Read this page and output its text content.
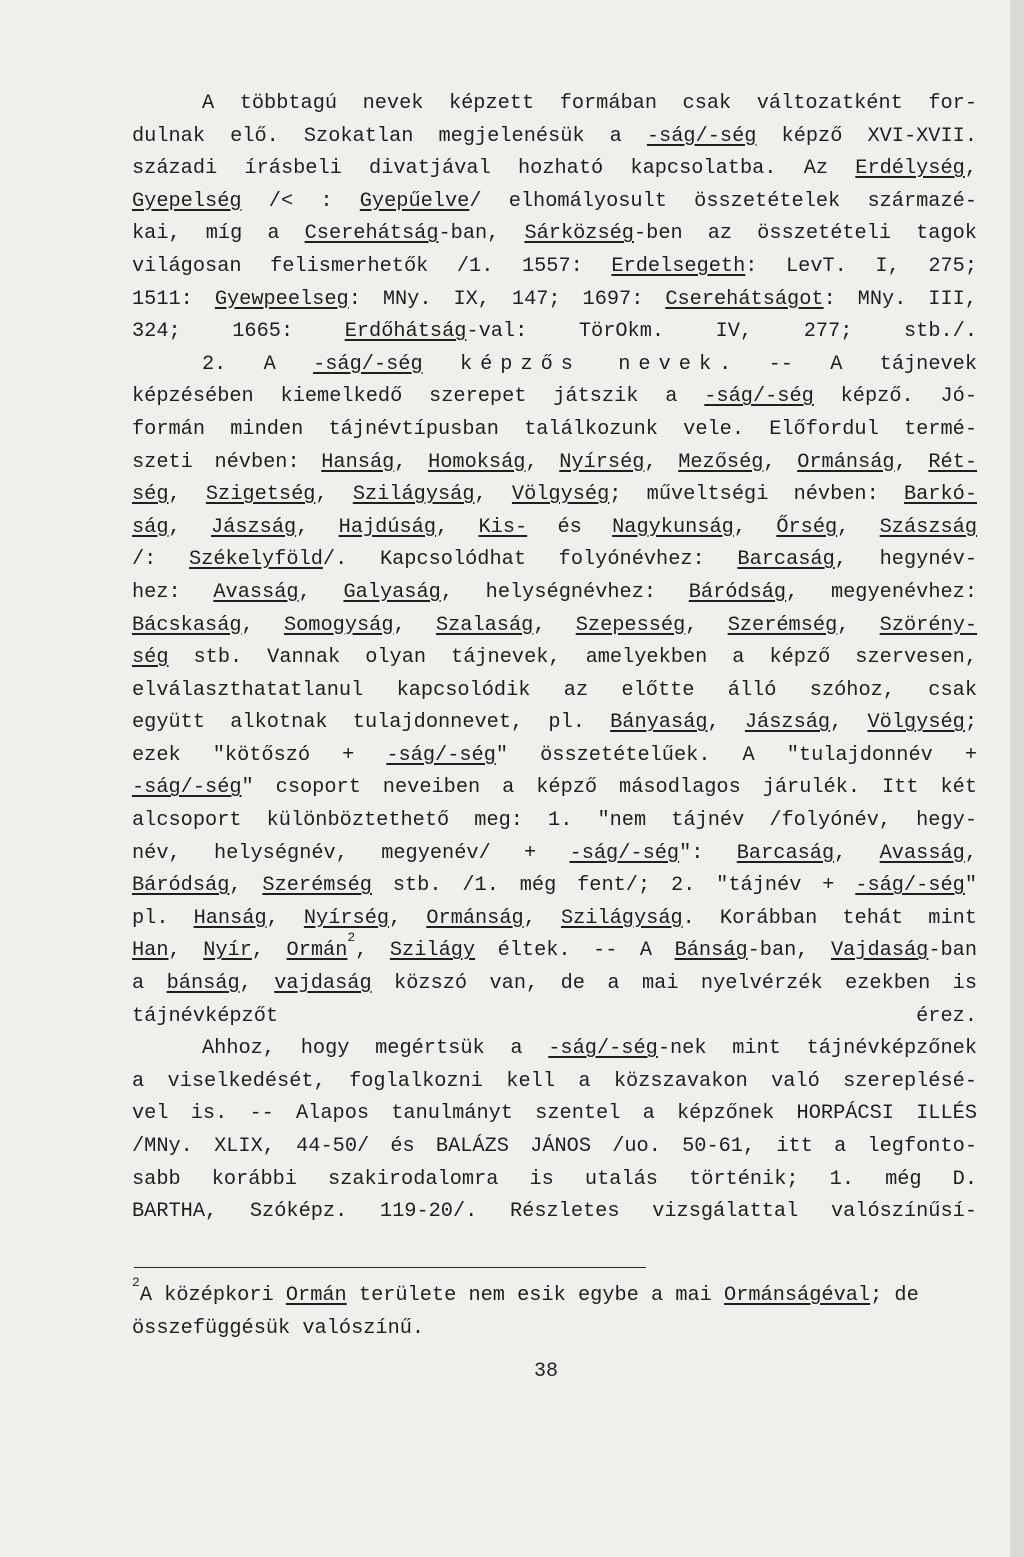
A többtagú nevek képzett formában csak változatként for-
dulnak elő. Szokatlan megjelenésük a -ság/-ség képző XVI-XVII.
századi írásbeli divatjával hozható kapcsolatba. Az Erdélység,
Gyepelség /< : Gyepűelve/ elhomályosult összetételek származé-
kai, míg a Cserehátság-ban, Sárközség-ben az összetételi tagok
világosan felismerhetők /1. 1557: Erdelsegeth: LevT. I, 275;
1511: Gyewpeelseg: MNy. IX, 147; 1697: Cserehátságot: MNy. III,
324; 1665: Erdőhátság-val: TörOkm. IV, 277; stb./.
2. A -ság/-ség képzős nevek. -- A tájnevek
képzésében kiemelkedő szerepet játszik a -ság/-ség képző. Jó-
formán minden tájnévtípusban találkozunk vele. Előfordul termé-
szeti névben: Hanság, Homokság, Nyírség, Mezőség, Ormánság, Rét-
ség, Szigetség, Szilágyság, Völgység; műveltségi névben: Barkó-
ság, Jászság, Hajdúság, Kis- és Nagykunság, Őrség, Szászság
/: Székelyföld/. Kapcsolódhat folyónévhez: Barcaság, hegynév-
hez: Avasság, Galyaság, helységnévhez: Báródság, megyenévhez:
Bácskaság, Somogyság, Szalaság, Szepesség, Szerémség, Szörény-
ség stb. Vannak olyan tájnevek, amelyekben a képző szervesen,
elválaszthatatlanul kapcsolódik az előtte álló szóhoz, csak
együtt alkotnak tulajdonnevet, pl. Bányaság, Jászság, Völgység;
ezek "kötőszó + -ság/-ség" összetételűek. A "tulajdonnév +
-ság/-ség" csoport neveiben a képző másodlagos járulék. Itt két
alcsoport különböztethető meg: 1. "nem tájnév /folyónév, hegy-
név, helységnév, megyenév/ + -ság/-ség": Barcaság, Avasság,
Báródság, Szerémség stb. /1. még fent/; 2. "tájnév + -ság/-ség"
pl. Hanság, Nyírség, Ormánság, Szilágyság. Korábban tehát mint
Han, Nyír, Ormán$^2$, Szilágy éltek. -- A Bánság-ban, Vajdaság-ban
a bánság, vajdaság közszó van, de a mai nyelvérzék ezekben is
tájnévképzőt érez.
Ahhoz, hogy megértsük a -ság/-ség-nek mint tájnévképzőnek
a viselkedését, foglalkozni kell a közszavakon való szereplésé-
vel is. -- Alapos tanulmányt szentel a képzőnek HORPÁCSI ILLÉS
/MNy. XLIX, 44-50/ és BALÁZS JÁNOS /uo. 50-61, itt a legfonto-
sabb korábbi szakirodalomra is utalás történik; 1. még D.
BARTHA, Szóképz. 119-20/. Részletes vizsgálattal valószínűsí-
$^2$A középkori Ormán területe nem esik egybe a mai Ormánságéval; de
összefüggésük valószínű.
38
